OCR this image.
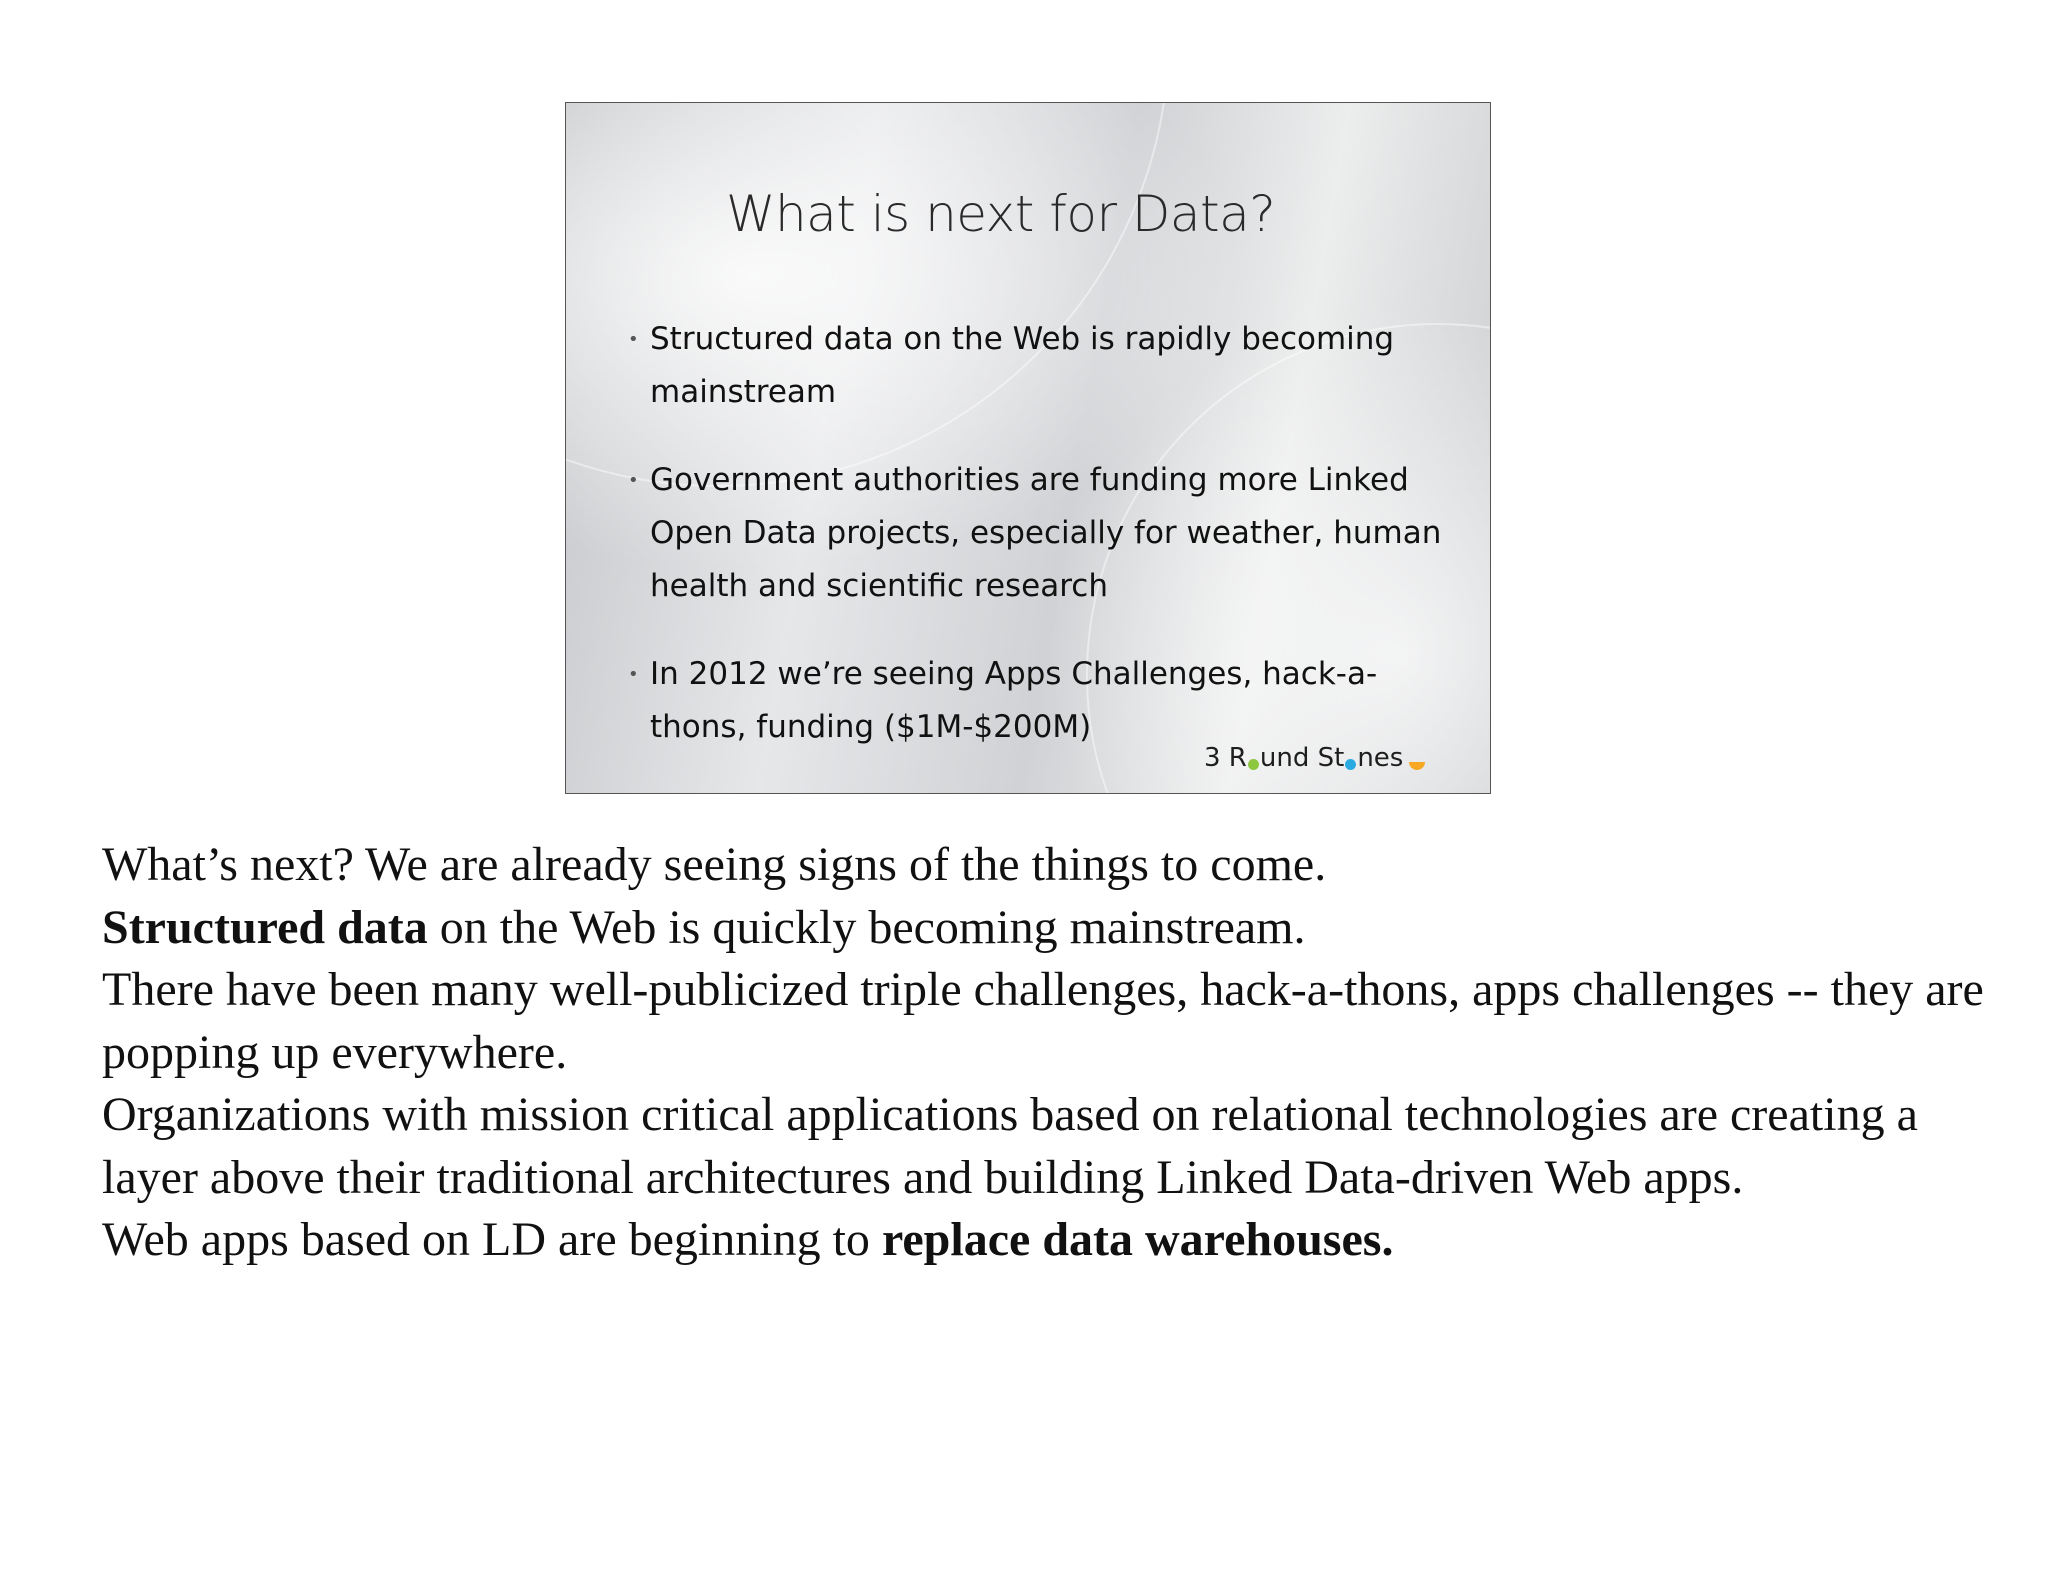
What is next for Data?
• Structured data on the Web is rapidly becoming mainstream
• Government authorities are funding more Linked Open Data projects, especially for weather, human health and scientific research
• In 2012 we’re seeing Apps Challenges, hack-a-thons, funding ($1M-$200M)
3 R und St nes

What’s next? We are already seeing signs of the things to come.

Structured data on the Web is quickly becoming mainstream.

There have been many well-publicized triple challenges, hack-a-thons, apps challenges -- they are popping up everywhere.

Organizations with mission critical applications based on relational technologies are creating a layer above their traditional architectures and building Linked Data-driven Web apps.

Web apps based on LD are beginning to replace data warehouses.
